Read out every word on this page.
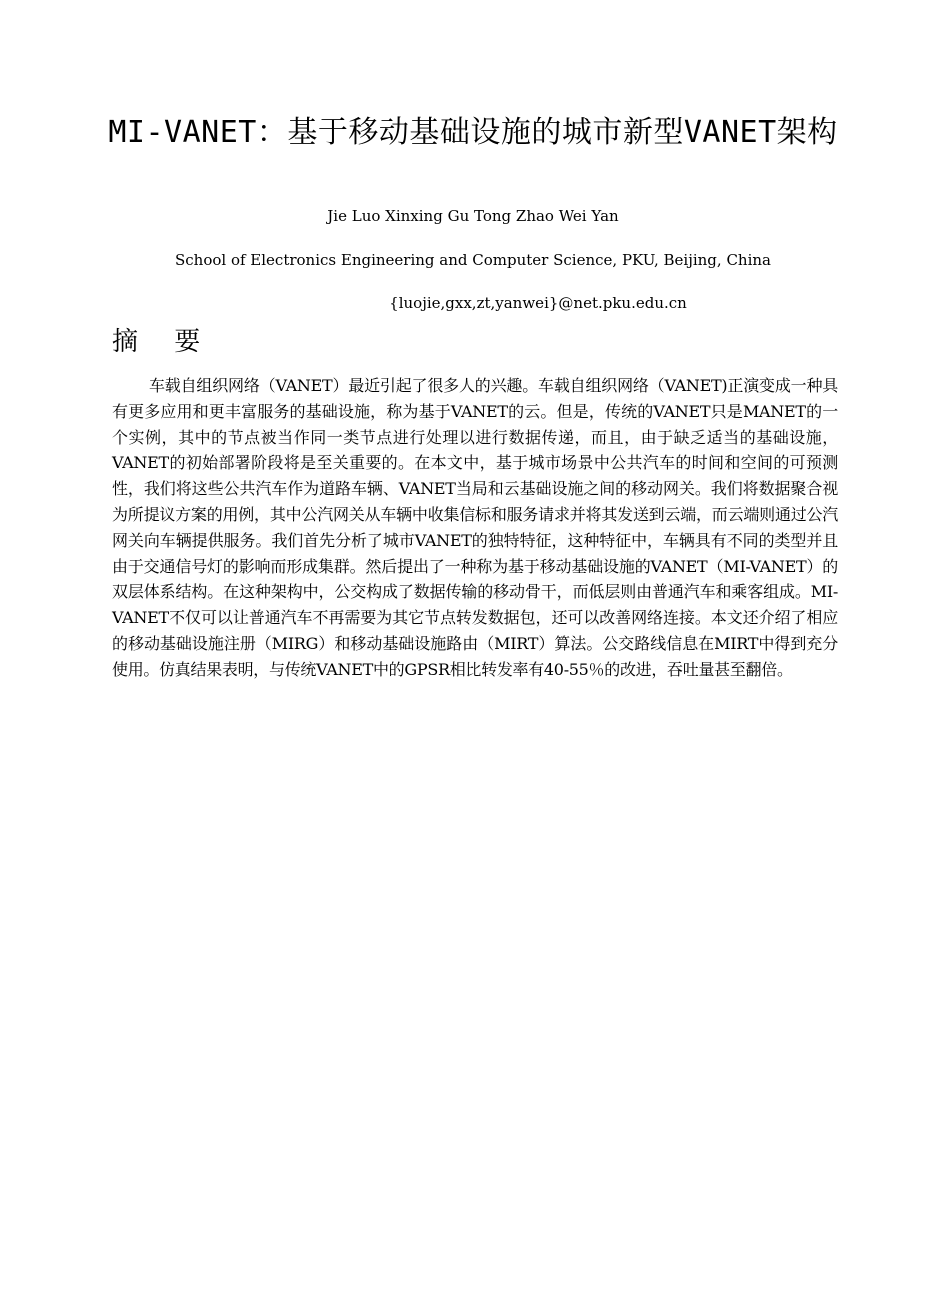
MI-VANET：基于移动基础设施的城市新型VANET架构
Jie Luo Xinxing Gu Tong Zhao Wei Yan
School of Electronics Engineering and Computer Science, PKU, Beijing, China
{luojie,gxx,zt,yanwei}@net.pku.edu.cn
摘 要
车载自组织网络（VANET）最近引起了很多人的兴趣。车载自组织网络（VANET)正演变成一种具有更多应用和更丰富服务的基础设施，称为基于VANET的云。但是，传统的VANET只是MANET的一个实例，其中的节点被当作同一类节点进行处理以进行数据传递，而且，由于缺乏适当的基础设施，VANET的初始部署阶段将是至关重要的。在本文中，基于城市场景中公共汽车的时间和空间的可预测性，我们将这些公共汽车作为道路车辆、VANET当局和云基础设施之间的移动网关。我们将数据聚合视为所提议方案的用例，其中公汽网关从车辆中收集信标和服务请求并将其发送到云端，而云端则通过公汽网关向车辆提供服务。我们首先分析了城市VANET的独特特征，这种特征中，车辆具有不同的类型并且由于交通信号灯的影响而形成集群。然后提出了一种称为基于移动基础设施的VANET（MI-VANET）的双层体系结构。在这种架构中，公交构成了数据传输的移动骨干，而低层则由普通汽车和乘客组成。MI-VANET不仅可以让普通汽车不再需要为其它节点转发数据包，还可以改善网络连接。本文还介绍了相应的移动基础设施注册（MIRG）和移动基础设施路由（MIRT）算法。公交路线信息在MIRT中得到充分使用。仿真结果表明，与传统VANET中的GPSR相比转发率有40-55％的改进，吞吐量甚至翻倍。
